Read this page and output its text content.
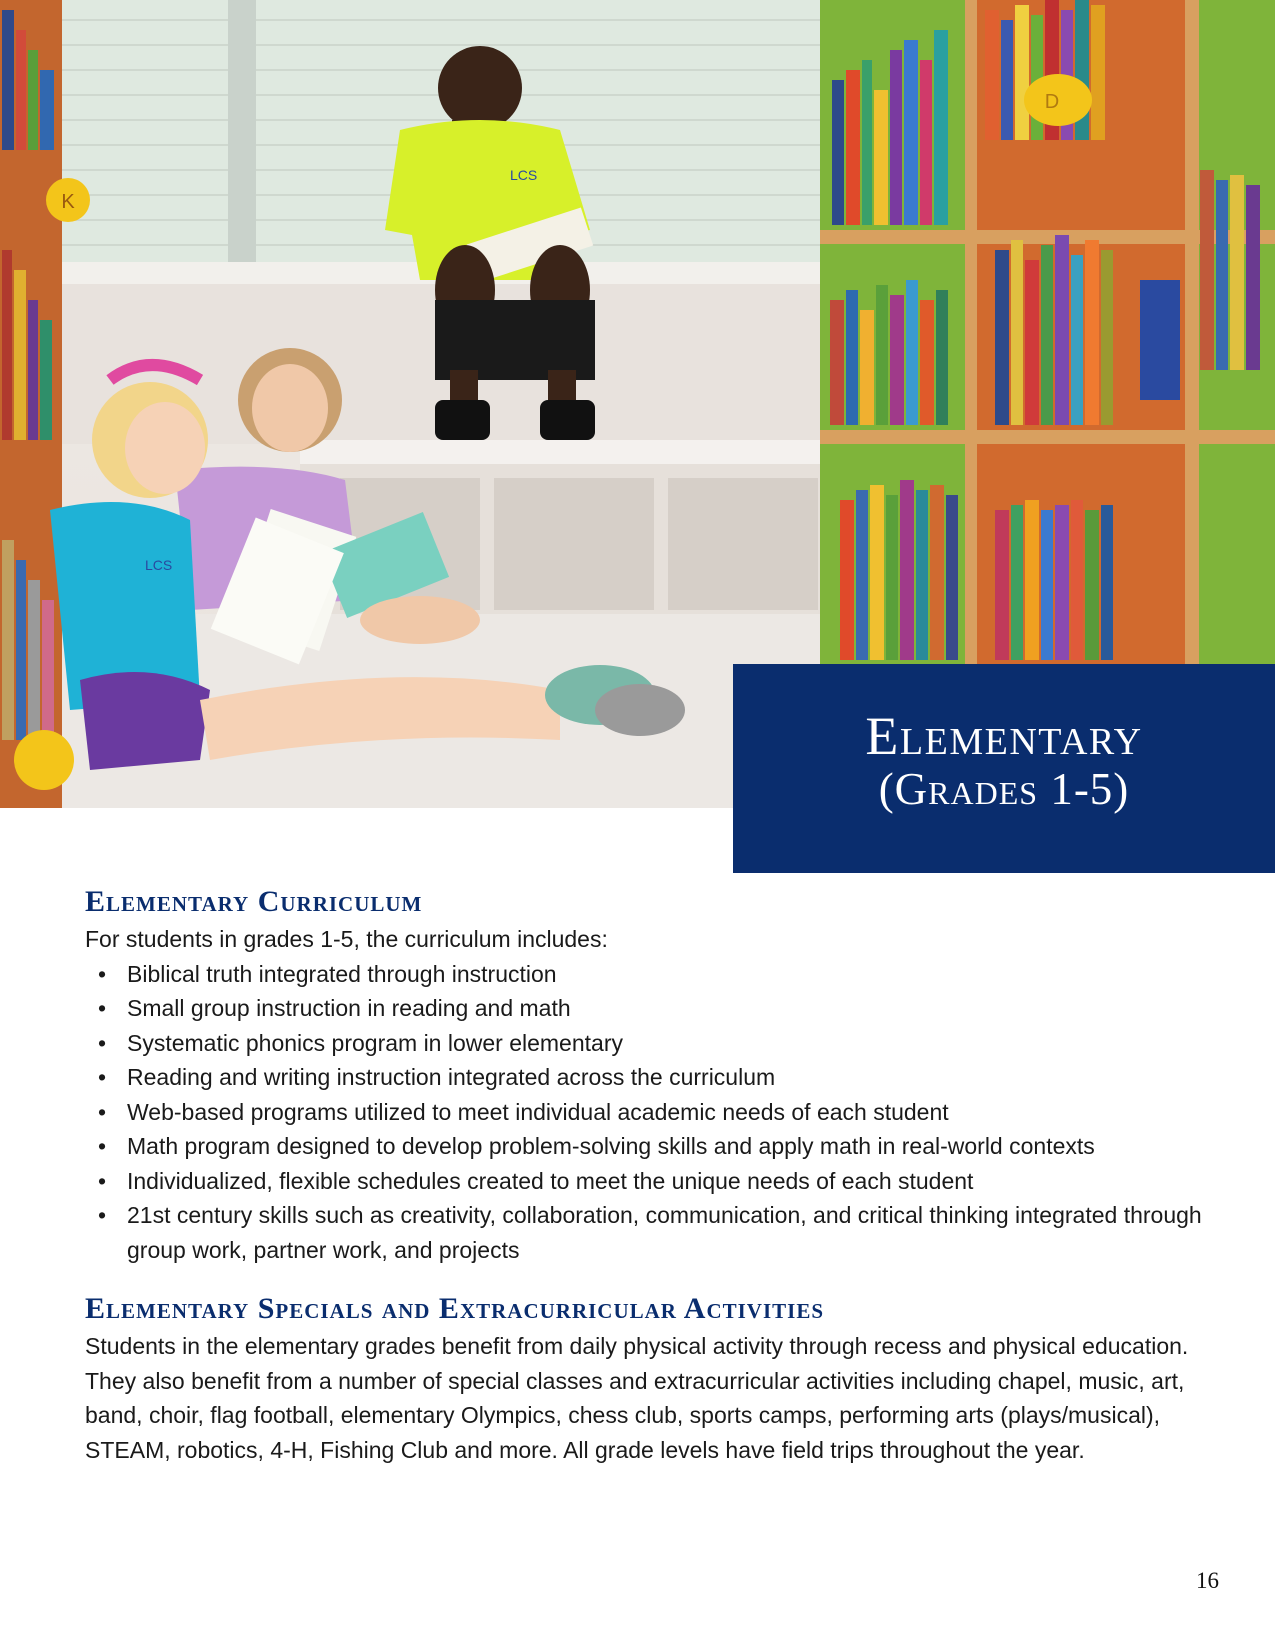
K
D
LCS
LCS
Elementary
(Grades 1-5)
Elementary Curriculum

For students in grades 1-5, the curriculum includes:

• Biblical truth integrated through instruction
• Small group instruction in reading and math
• Systematic phonics program in lower elementary
• Reading and writing instruction integrated across the curriculum
• Web-based programs utilized to meet individual academic needs of each student
• Math program designed to develop problem-solving skills and apply math in real-world contexts
• Individualized, flexible schedules created to meet the unique needs of each student
• 21st century skills such as creativity, collaboration, communication, and critical thinking integrated through group work, partner work, and projects
Elementary Specials and Extracurricular Activities

Students in the elementary grades benefit from daily physical activity through recess and physical education. They also benefit from a number of special classes and extracurricular activities including chapel, music, art, band, choir, flag football, elementary Olympics, chess club, sports camps, performing arts (plays/musical), STEAM, robotics, 4-H, Fishing Club and more. All grade levels have field trips throughout the year.

16
